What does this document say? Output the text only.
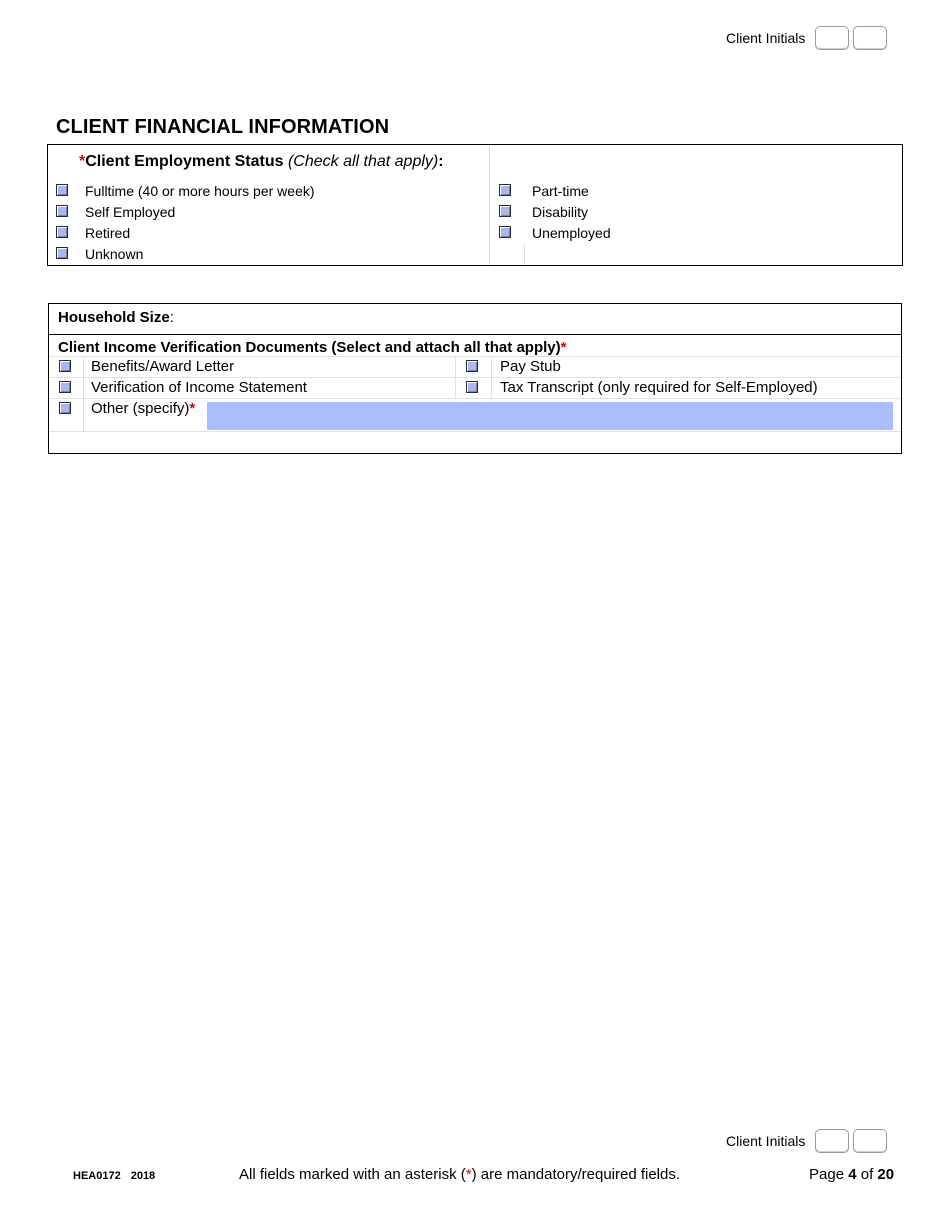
Client Initials
CLIENT FINANCIAL INFORMATION
*Client Employment Status (Check all that apply):
Fulltime (40 or more hours per week)
Self Employed
Retired
Unknown
Part-time
Disability
Unemployed
Household Size:
Client Income Verification Documents (Select and attach all that apply)*
Benefits/Award Letter	Pay Stub
Verification of Income Statement	Tax Transcript (only required for Self-Employed)
Other (specify)*
Client Initials
HEA0172 2018	All fields marked with an asterisk (*) are mandatory/required fields.	Page 4 of 20
